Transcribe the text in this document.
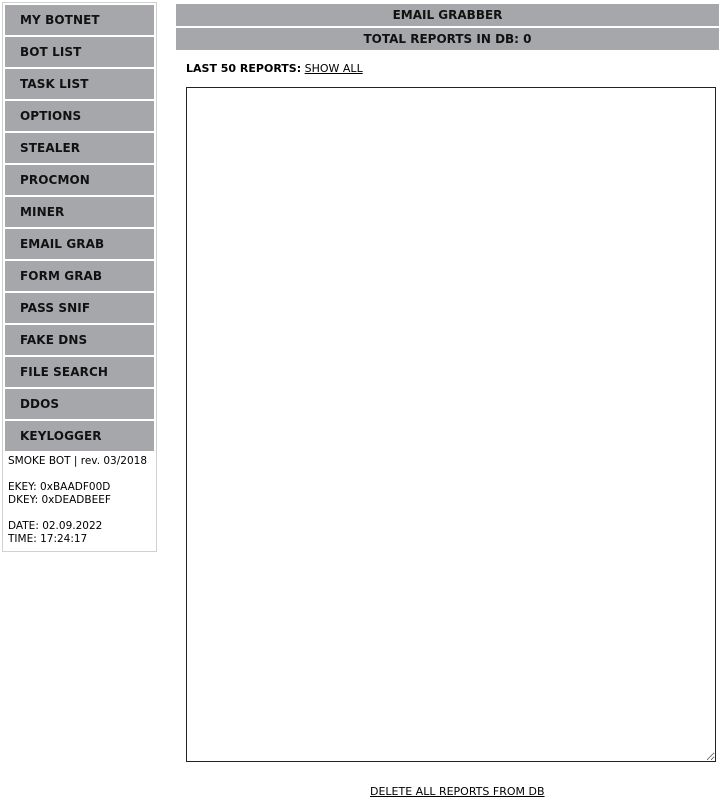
MY BOTNET
BOT LIST
TASK LIST
OPTIONS
STEALER
PROCMON
MINER
EMAIL GRAB
FORM GRAB
PASS SNIF
FAKE DNS
FILE SEARCH
DDOS
KEYLOGGER
SMOKE BOT | rev. 03/2018
EKEY: 0xBAADF00D
DKEY: 0xDEADBEEF
DATE: 02.09.2022
TIME: 17:24:17
EMAIL GRABBER
TOTAL REPORTS IN DB: 0
LAST 50 REPORTS: SHOW ALL
DELETE ALL REPORTS FROM DB
